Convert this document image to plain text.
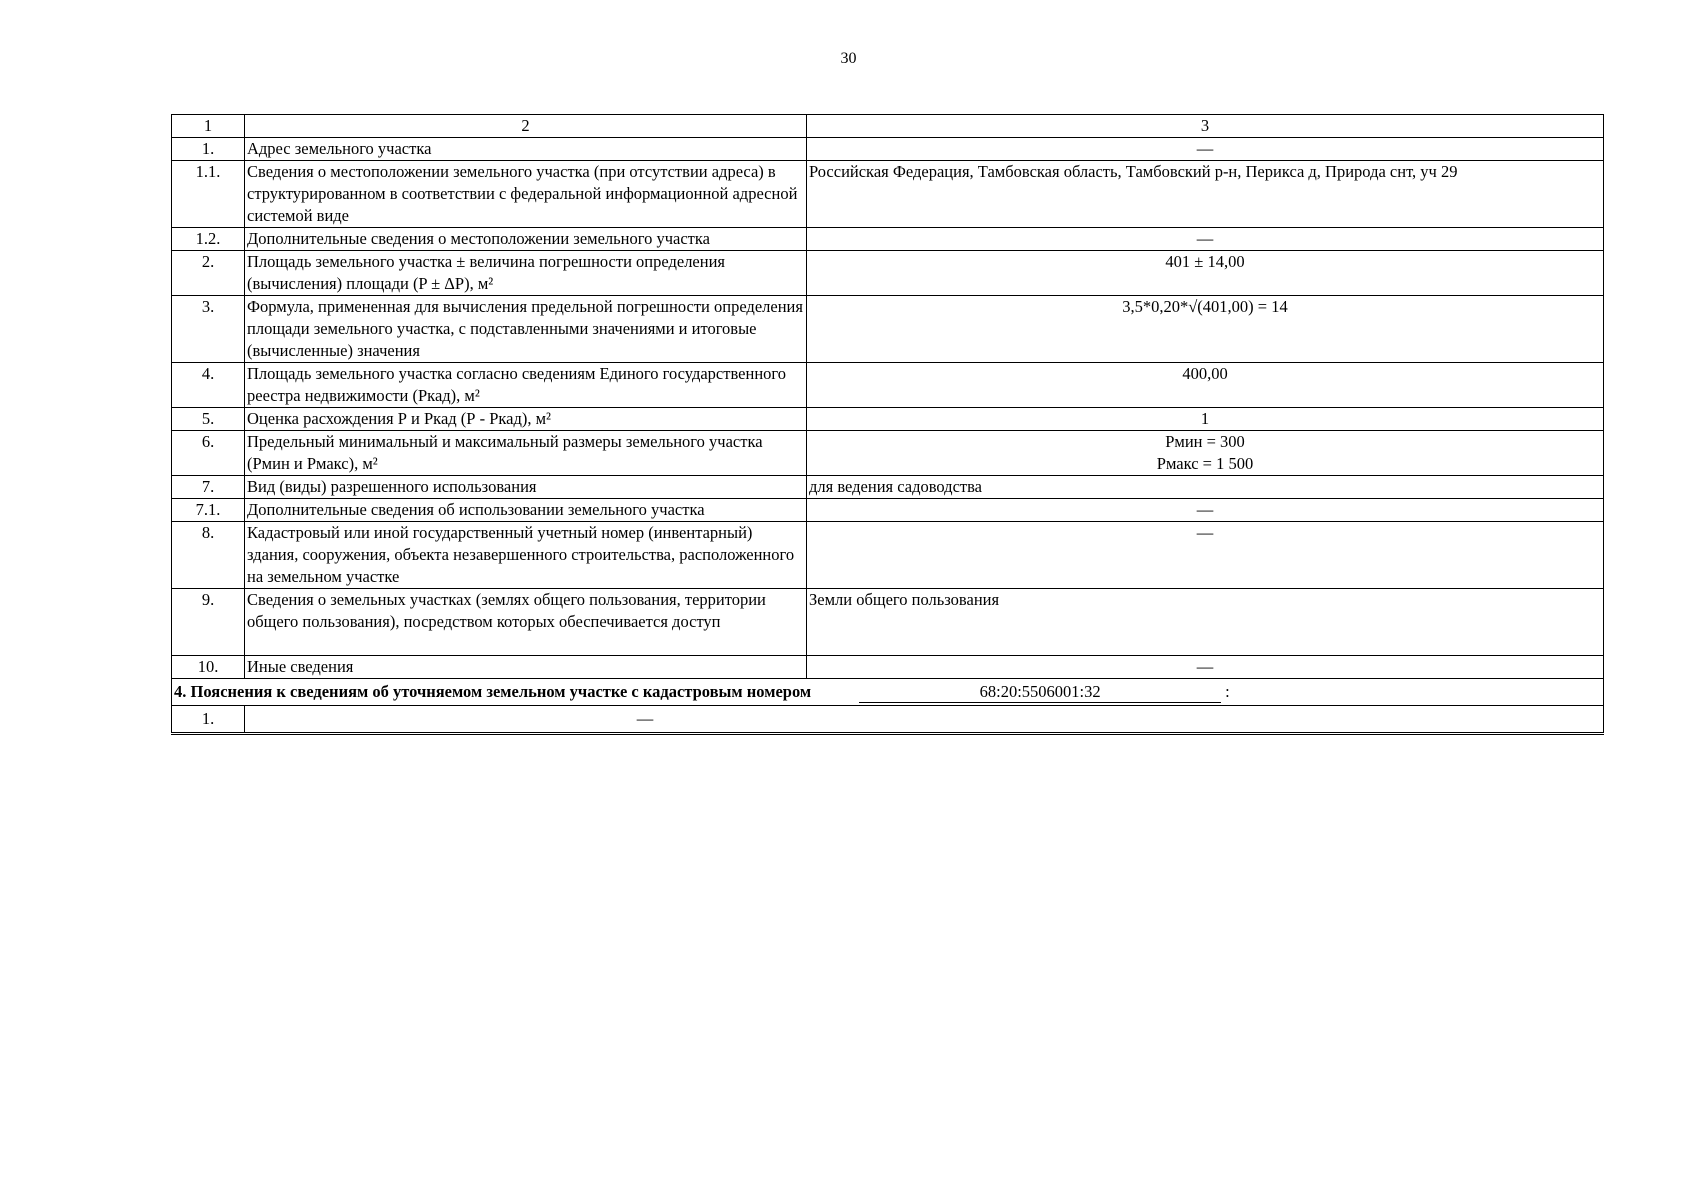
30
1	2	3
1.	Адрес земельного участка	—
1.1.	Сведения о местоположении земельного участка (при отсутствии адреса) в структурированном в соответствии с федеральной информационной адресной системой виде	Российская Федерация, Тамбовская область, Тамбовский р-н, Перикса д, Природа снт, уч 29
1.2.	Дополнительные сведения о местоположении земельного участка	—
2.	Площадь земельного участка ± величина погрешности определения (вычисления) площади (P ± ΔP), м²	401 ± 14,00
3.	Формула, примененная для вычисления предельной погрешности определения площади земельного участка, с подставленными значениями и итоговые (вычисленные) значения	3,5*0,20*√(401,00) = 14
4.	Площадь земельного участка согласно сведениям Единого государственного реестра недвижимости (Ркад), м²	400,00
5.	Оценка расхождения Р и Ркад (Р - Ркад), м²	1
6.	Предельный минимальный и максимальный размеры земельного участка (Рмин и Рмакс), м²	Рмин = 300
Рмакс = 1 500

7.	Вид (виды) разрешенного использования	для ведения садоводства
7.1.	Дополнительные сведения об использовании земельного участка	—
8.	Кадастровый или иной государственный учетный номер (инвентарный) здания, сооружения, объекта незавершенного строительства, расположенного на земельном участке	—
9.	Сведения о земельных участках (землях общего пользования, территории общего пользования), посредством которых обеспечивается доступ	Земли общего пользования
10.	Иные сведения	—
4. Пояснения к сведениям об уточняемом земельном участке с кадастровым номером 68:20:5506001:32 :		
1.	—	
